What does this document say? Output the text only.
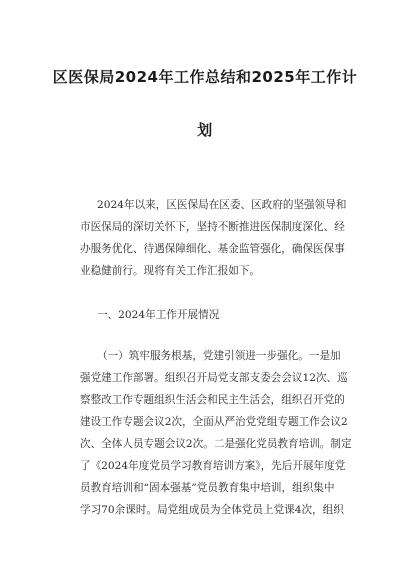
区医保局2024年工作总结和2025年工作计
划
2024年以来，区医保局在区委、区政府的坚强领导和
市医保局的深切关怀下，坚持不断推进医保制度深化、经
办服务优化、待遇保障细化、基金监管强化，确保医保事
业稳健前行。现将有关工作汇报如下。
一、2024年工作开展情况
（一）筑牢服务根基，党建引领进一步强化。一是加
强党建工作部署。组织召开局党支部支委会会议12次、巡
察整改工作专题组织生活会和民主生活会，组织召开党的
建设工作专题会议2次，全面从严治党党组专题工作会议2
次、全体人员专题会议2次。二是强化党员教育培训。制定
了《2024年度党员学习教育培训方案》，先后开展年度党
员教育培训和“固本强基”党员教育集中培训，组织集中
学习70余课时。局党组成员为全体党员上党课4次，组织
